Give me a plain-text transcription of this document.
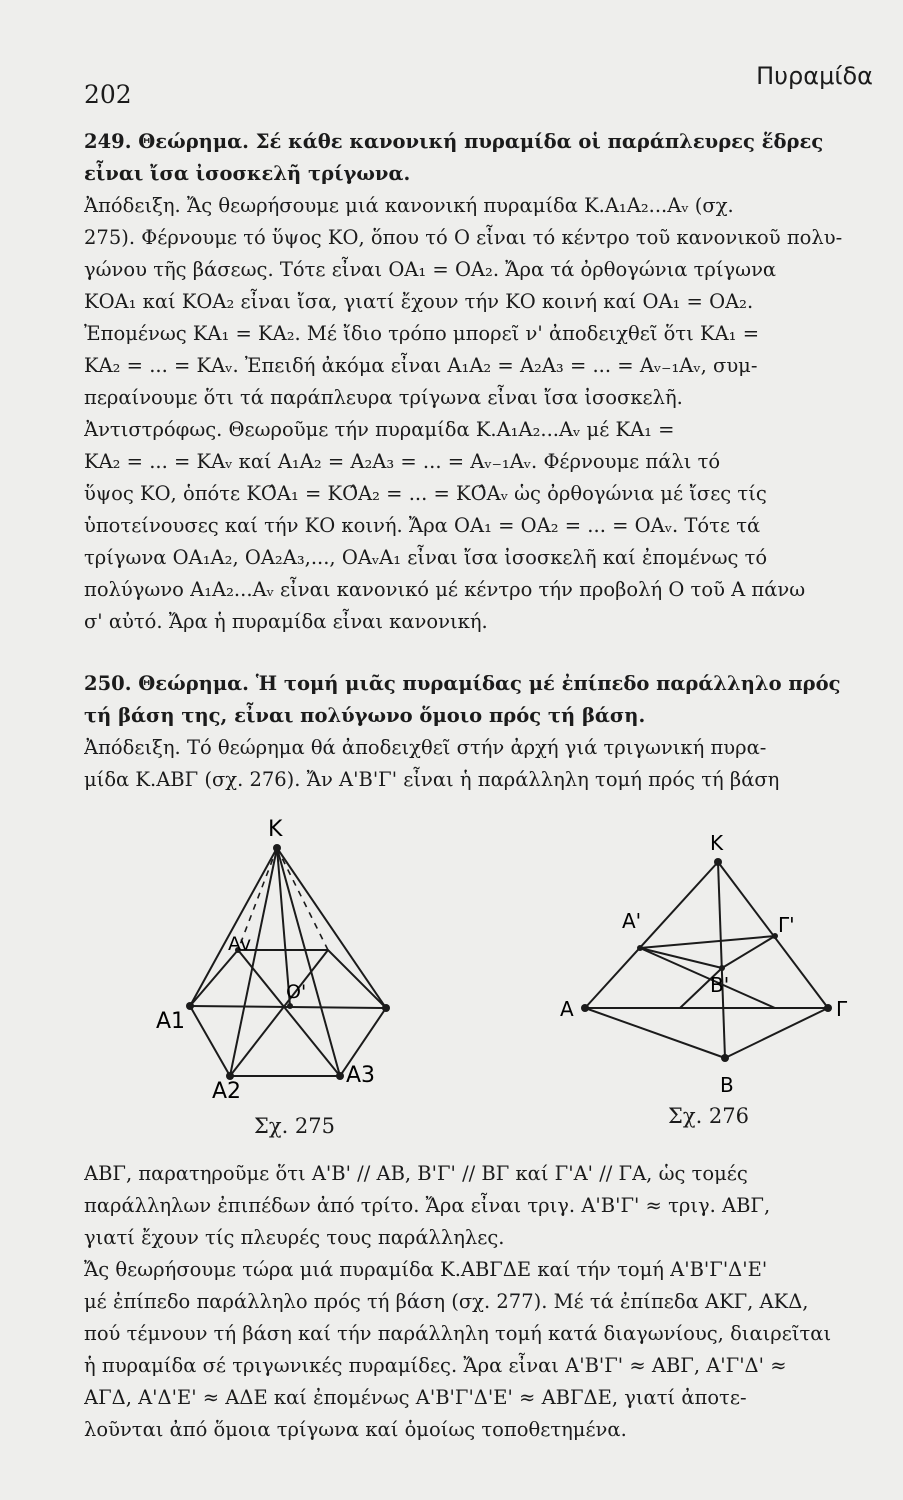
202
Πυραμίδα
249. Θεώρημα. Σέ κάθε κανονική πυραμίδα οἱ παράπλευρες ἕδρες
εἶναι ἴσα ἰσοσκελῆ τρίγωνα.
Ἀπόδειξη. Ἄς θεωρήσουμε μιά κανονική πυραμίδα Κ.Α₁Α₂...Αᵥ (σχ.
275). Φέρνουμε τό ὕψος ΚΟ, ὅπου τό Ο εἶναι τό κέντρο τοῦ κανονικοῦ πολυ-
γώνου τῆς βάσεως. Τότε εἶναι ΟΑ₁ = ΟΑ₂. Ἄρα τά ὀρθογώνια τρίγωνα
ΚΟΑ₁ καί ΚΟΑ₂ εἶναι ἴσα, γιατί ἔχουν τήν ΚΟ κοινή καί ΟΑ₁ = ΟΑ₂.
Ἐπομένως ΚΑ₁ = ΚΑ₂. Μέ ἴδιο τρόπο μπορεῖ ν' ἀποδειχθεῖ ὅτι ΚΑ₁ =
ΚΑ₂ = ... = ΚΑᵥ. Ἐπειδή ἀκόμα εἶναι Α₁Α₂ = Α₂Α₃ = ... = Αᵥ₋₁Αᵥ, συμ-
περαίνουμε ὅτι τά παράπλευρα τρίγωνα εἶναι ἴσα ἰσοσκελῆ.
Ἀντιστρόφως. Θεωροῦμε τήν πυραμίδα Κ.Α₁Α₂...Αᵥ μέ ΚΑ₁ =
ΚΑ₂ = ... = ΚΑᵥ καί Α₁Α₂ = Α₂Α₃ = ... = Αᵥ₋₁Αᵥ. Φέρνουμε πάλι τό
ὕψος ΚΟ, ὁπότε ΚΟ̂Α₁ = ΚΟ̂Α₂ = ... = ΚΟ̂Αᵥ ὡς ὀρθογώνια μέ ἴσες τίς
ὑποτείνουσες καί τήν ΚΟ κοινή. Ἄρα ΟΑ₁ = ΟΑ₂ = ... = ΟΑᵥ. Τότε τά
τρίγωνα ΟΑ₁Α₂, ΟΑ₂Α₃,..., ΟΑᵥΑ₁ εἶναι ἴσα ἰσοσκελῆ καί ἐπομένως τό
πολύγωνο Α₁Α₂...Αᵥ εἶναι κανονικό μέ κέντρο τήν προβολή Ο τοῦ Α πάνω
σ' αὐτό. Ἄρα ἡ πυραμίδα εἶναι κανονική.
250. Θεώρημα. Ἡ τομή μιᾶς πυραμίδας μέ ἐπίπεδο παράλληλο πρός
τή βάση της, εἶναι πολύγωνο ὅμοιο πρός τή βάση.
Ἀπόδειξη. Τό θεώρημα θά ἀποδειχθεῖ στήν ἀρχή γιά τριγωνική πυρα-
μίδα Κ.ΑΒΓ (σχ. 276). Ἄν Α'Β'Γ' εἶναι ἡ παράλληλη τομή πρός τή βάση
K
Av
O'
A1
A2
A3
Σχ. 275
K
A'	Γ'
B'
A	Γ
B
Σχ. 276
ΑΒΓ, παρατηροῦμε ὅτι Α'Β' // ΑΒ, Β'Γ' // ΒΓ καί Γ'Α' // ΓΑ, ὡς τομές
παράλληλων ἐπιπέδων ἀπό τρίτο. Ἄρα εἶναι τριγ. Α'Β'Γ' ≈ τριγ. ΑΒΓ,
γιατί ἔχουν τίς πλευρές τους παράλληλες.
Ἄς θεωρήσουμε τώρα μιά πυραμίδα Κ.ΑΒΓΔΕ καί τήν τομή Α'Β'Γ'Δ'Ε'
μέ ἐπίπεδο παράλληλο πρός τή βάση (σχ. 277). Μέ τά ἐπίπεδα ΑΚΓ, ΑΚΔ,
πού τέμνουν τή βάση καί τήν παράλληλη τομή κατά διαγωνίους, διαιρεῖται
ἡ πυραμίδα σέ τριγωνικές πυραμίδες. Ἄρα εἶναι Α'Β'Γ' ≈ ΑΒΓ, Α'Γ'Δ' ≈
ΑΓΔ, Α'Δ'Ε' ≈ ΑΔΕ καί ἐπομένως Α'Β'Γ'Δ'Ε' ≈ ΑΒΓΔΕ, γιατί ἀποτε-
λοῦνται ἀπό ὅμοια τρίγωνα καί ὁμοίως τοποθετημένα.
